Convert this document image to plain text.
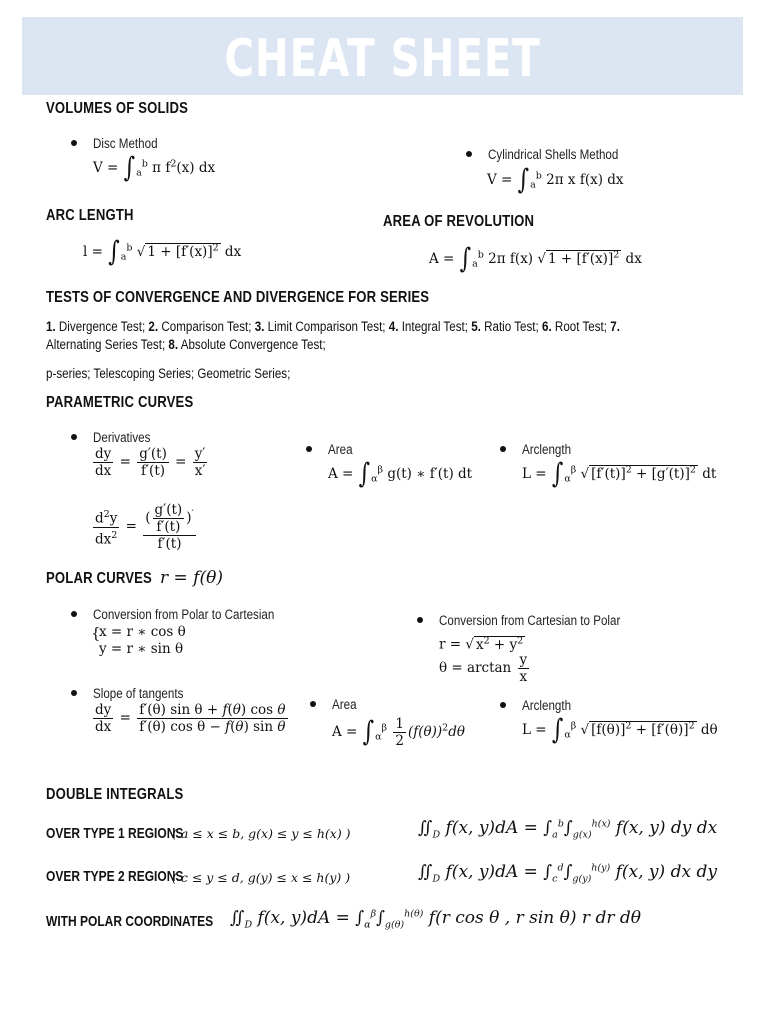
CHEAT SHEET
VOLUMES OF SOLIDS
Disc Method
$V = \int_a^b$ π $f^2(x)$ dx
Cylindrical Shells Method
$V = \int_a^b$ 2π x f(x) dx
ARC LENGTH
$l = \int_a^b$ √ $1 + [f'(x)]^2$ dx
AREA OF REVOLUTION
$A = \int_a^b$ 2π f(x) √ $1 + [f'(x)]^2$ dx
TESTS OF CONVERGENCE AND DIVERGENCE FOR SERIES
1. Divergence Test; 2. Comparison Test; 3. Limit Comparison Test; 4. Integral Test; 5. Ratio Test; 6. Root Test; 7.
Alternating Series Test; 8. Absolute Convergence Test;
p-series; Telescoping Series; Geometric Series;
PARAMETRIC CURVES
Derivatives
$\frac{dy}{dx} = \frac{g'(t)}{f'(t)} = \frac{y'}{x'}$
$\frac{d^2y}{dx^2} = \frac{( \frac{g'(t)}{f'(t)} )'}{f'(t)}$
Area
$A = \int_\alpha^\beta$ g(t) ∗ f′(t) dt
Arclength
$L = \int_\alpha^\beta$ √ $[f'(t)]^2 + [g'(t)]^2$ dt
POLAR CURVES r = f(θ)
Conversion from Polar to Cartesian
{
x = r ∗ cos θ
y = r ∗ sin θ
Conversion from Cartesian to Polar
r = √ $x^2 + y^2$
$\theta = \arctan \frac{y}{x}$
Slope of tangents
$\frac{dy}{dx} = \frac{\text{f′(θ) sin θ + f(θ) cos θ}}{\text{f′(θ) cos θ − f(θ) sin θ}}$	Area
$A = \int_\alpha^\beta \frac{1}{2} (f(\theta))^2d\theta$
Arclength
$L = \int_\alpha^\beta$ √ $[f(\theta)]^2 + [f'(\theta)]^2$ dθ
DOUBLE INTEGRALS
OVER TYPE 1 REGIONS
( a ≤ x ≤ b, g(x) ≤ y ≤ h(x) )	$∬_D$ f(x, $y)dA = \int_a^b\int_{g(x)}^{h(x)}$ f(x, y) dy dx
OVER TYPE 2 REGIONS
( c ≤ y ≤ d, g(y) ≤ x ≤ h(y) )	$∬_D$ f(x, $y)dA = \int_c^d\int_{g(y)}^{h(y)}$ f(x, y) dx dy
WITH POLAR COORDINATES $∬_D$ f(x, $y)dA = \int_\alpha^\beta\int_{g(\theta)}^{h(\theta)}$ f(r cos θ , r sin θ) r dr dθ
